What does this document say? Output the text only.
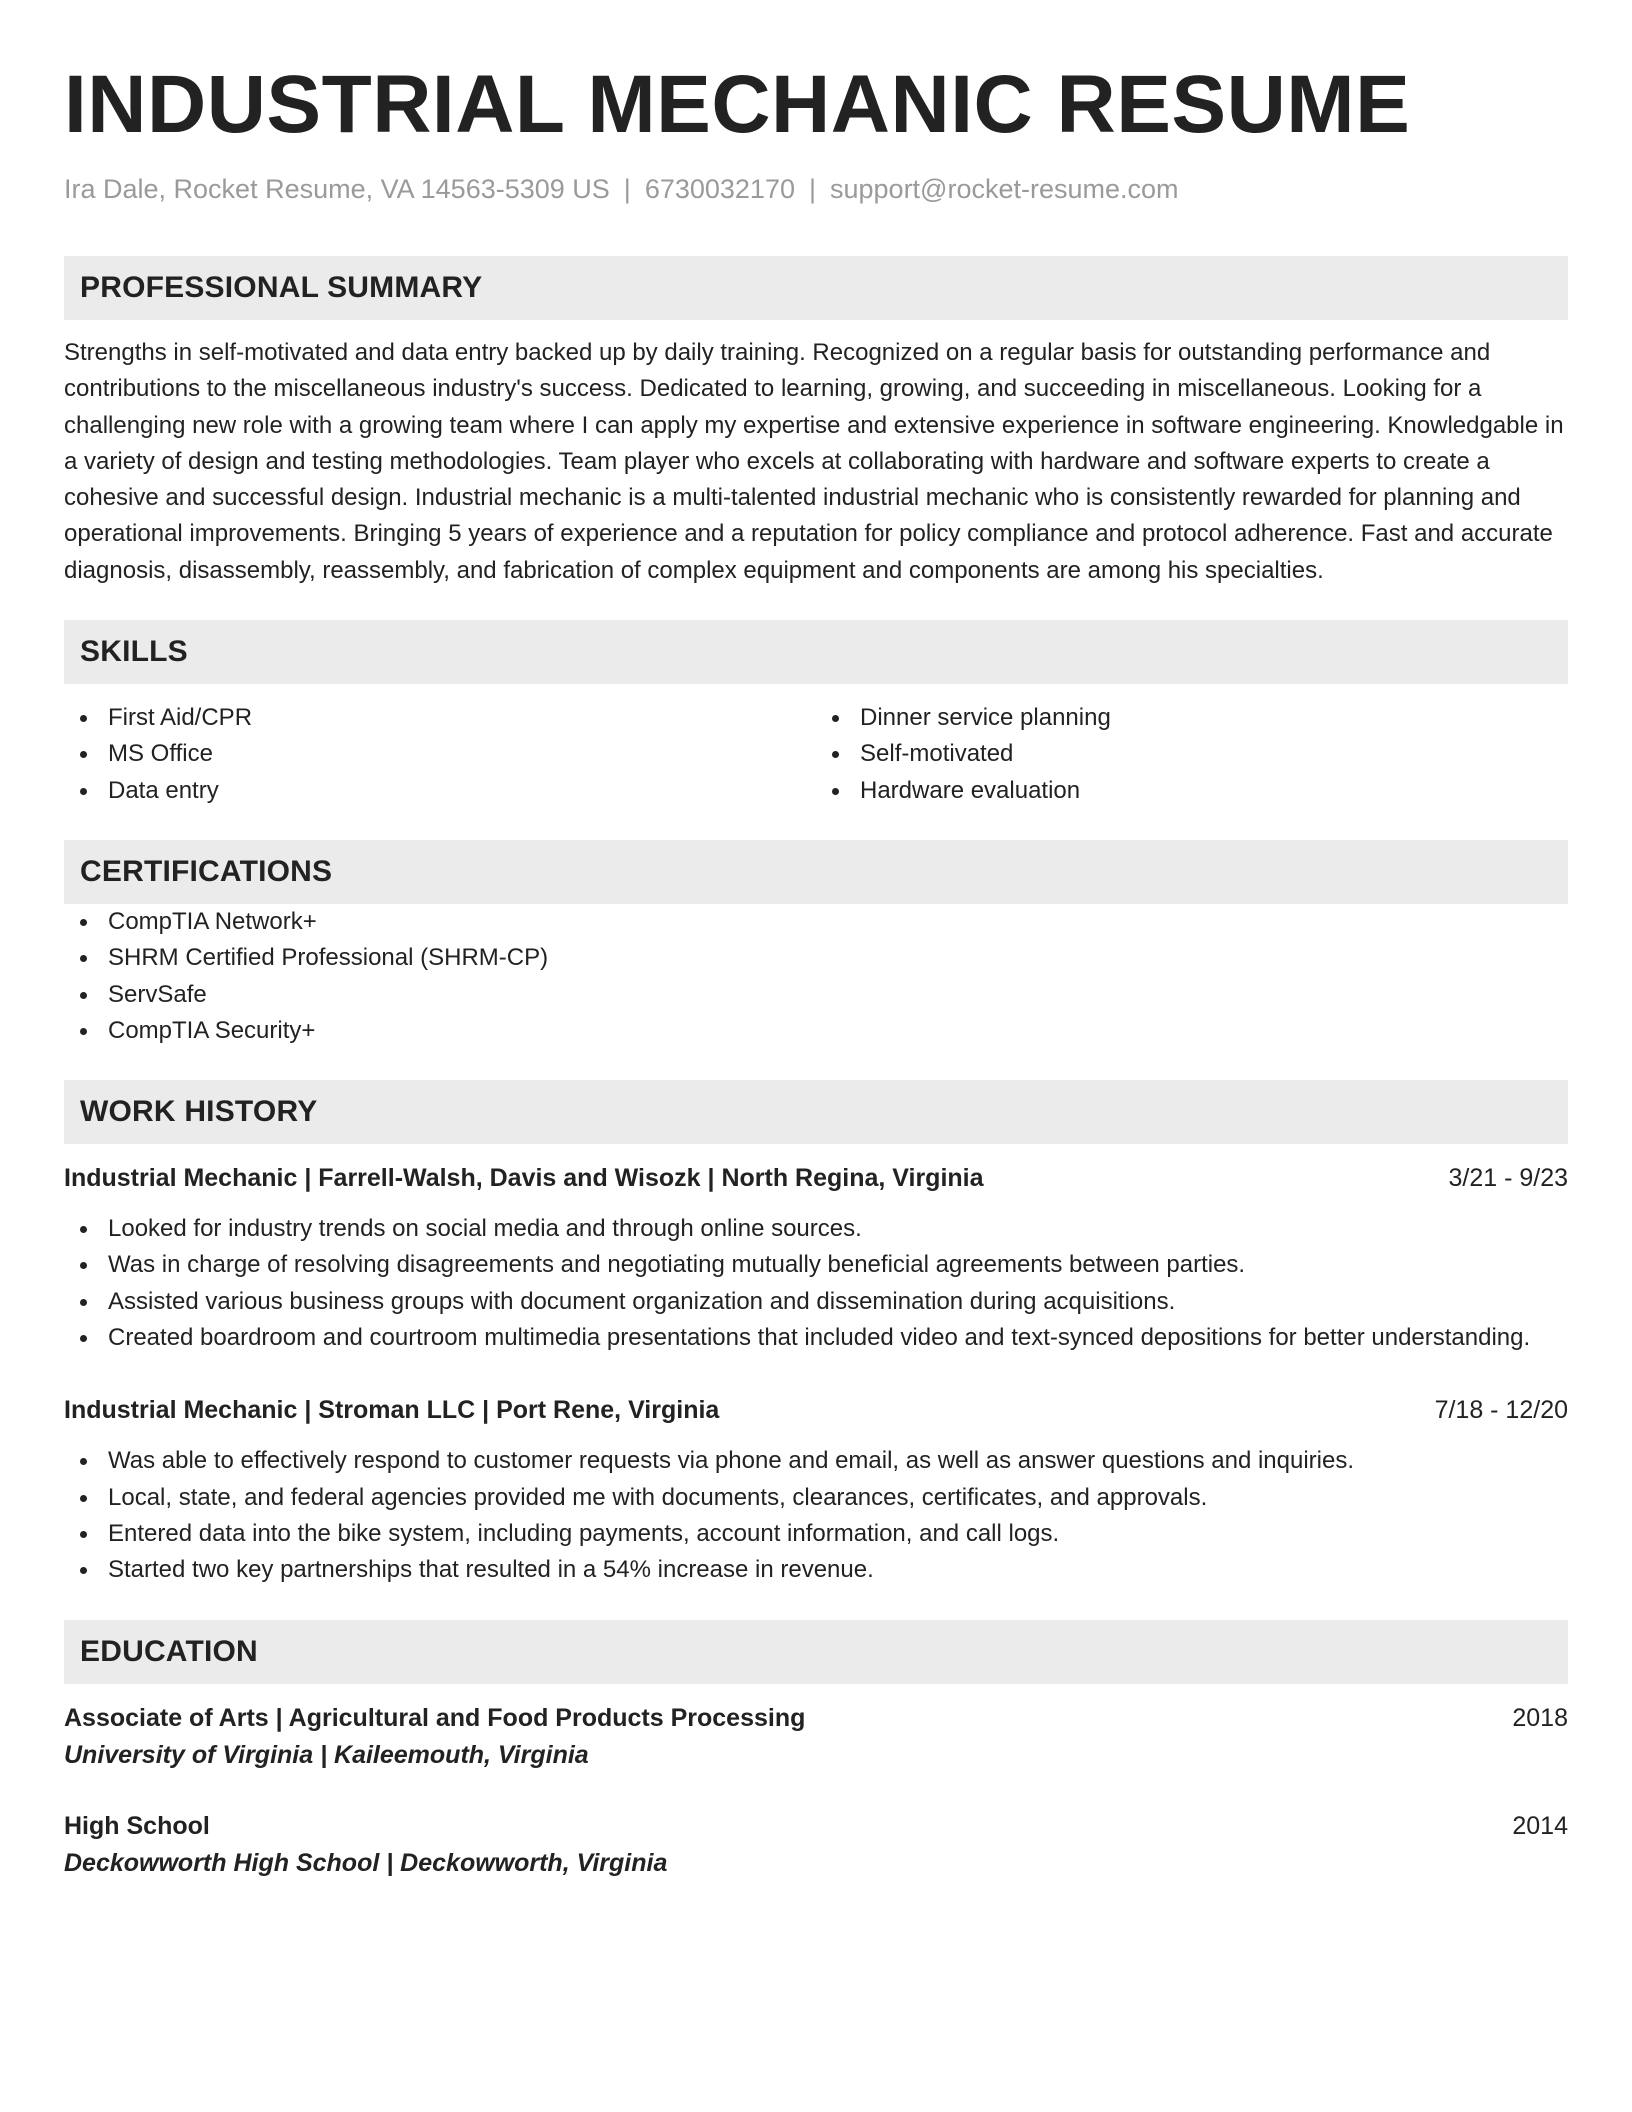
INDUSTRIAL MECHANIC RESUME
Ira Dale, Rocket Resume, VA 14563-5309 US | 6730032170 | support@rocket-resume.com
PROFESSIONAL SUMMARY

Strengths in self-motivated and data entry backed up by daily training. Recognized on a regular basis for outstanding performance and contributions to the miscellaneous industry's success. Dedicated to learning, growing, and succeeding in miscellaneous. Looking for a challenging new role with a growing team where I can apply my expertise and extensive experience in software engineering. Knowledgable in a variety of design and testing methodologies. Team player who excels at collaborating with hardware and software experts to create a cohesive and successful design. Industrial mechanic is a multi-talented industrial mechanic who is consistently rewarded for planning and operational improvements. Bringing 5 years of experience and a reputation for policy compliance and protocol adherence. Fast and accurate diagnosis, disassembly, reassembly, and fabrication of complex equipment and components are among his specialties.

SKILLS
First Aid/CPR
MS Office
Data entry
Dinner service planning
Self-motivated
Hardware evaluation
CERTIFICATIONS
CompTIA Network+
SHRM Certified Professional (SHRM-CP)
ServSafe
CompTIA Security+
WORK HISTORY
Industrial Mechanic | Farrell-Walsh, Davis and Wisozk | North Regina, Virginia	3/21 - 9/23
Looked for industry trends on social media and through online sources.
Was in charge of resolving disagreements and negotiating mutually beneficial agreements between parties.
Assisted various business groups with document organization and dissemination during acquisitions.
Created boardroom and courtroom multimedia presentations that included video and text-synced depositions for better understanding.
Industrial Mechanic | Stroman LLC | Port Rene, Virginia	7/18 - 12/20
Was able to effectively respond to customer requests via phone and email, as well as answer questions and inquiries.
Local, state, and federal agencies provided me with documents, clearances, certificates, and approvals.
Entered data into the bike system, including payments, account information, and call logs.
Started two key partnerships that resulted in a 54% increase in revenue.
EDUCATION
Associate of Arts | Agricultural and Food Products Processing	2018
University of Virginia | Kaileemouth, Virginia
High School	2014
Deckowworth High School | Deckowworth, Virginia
